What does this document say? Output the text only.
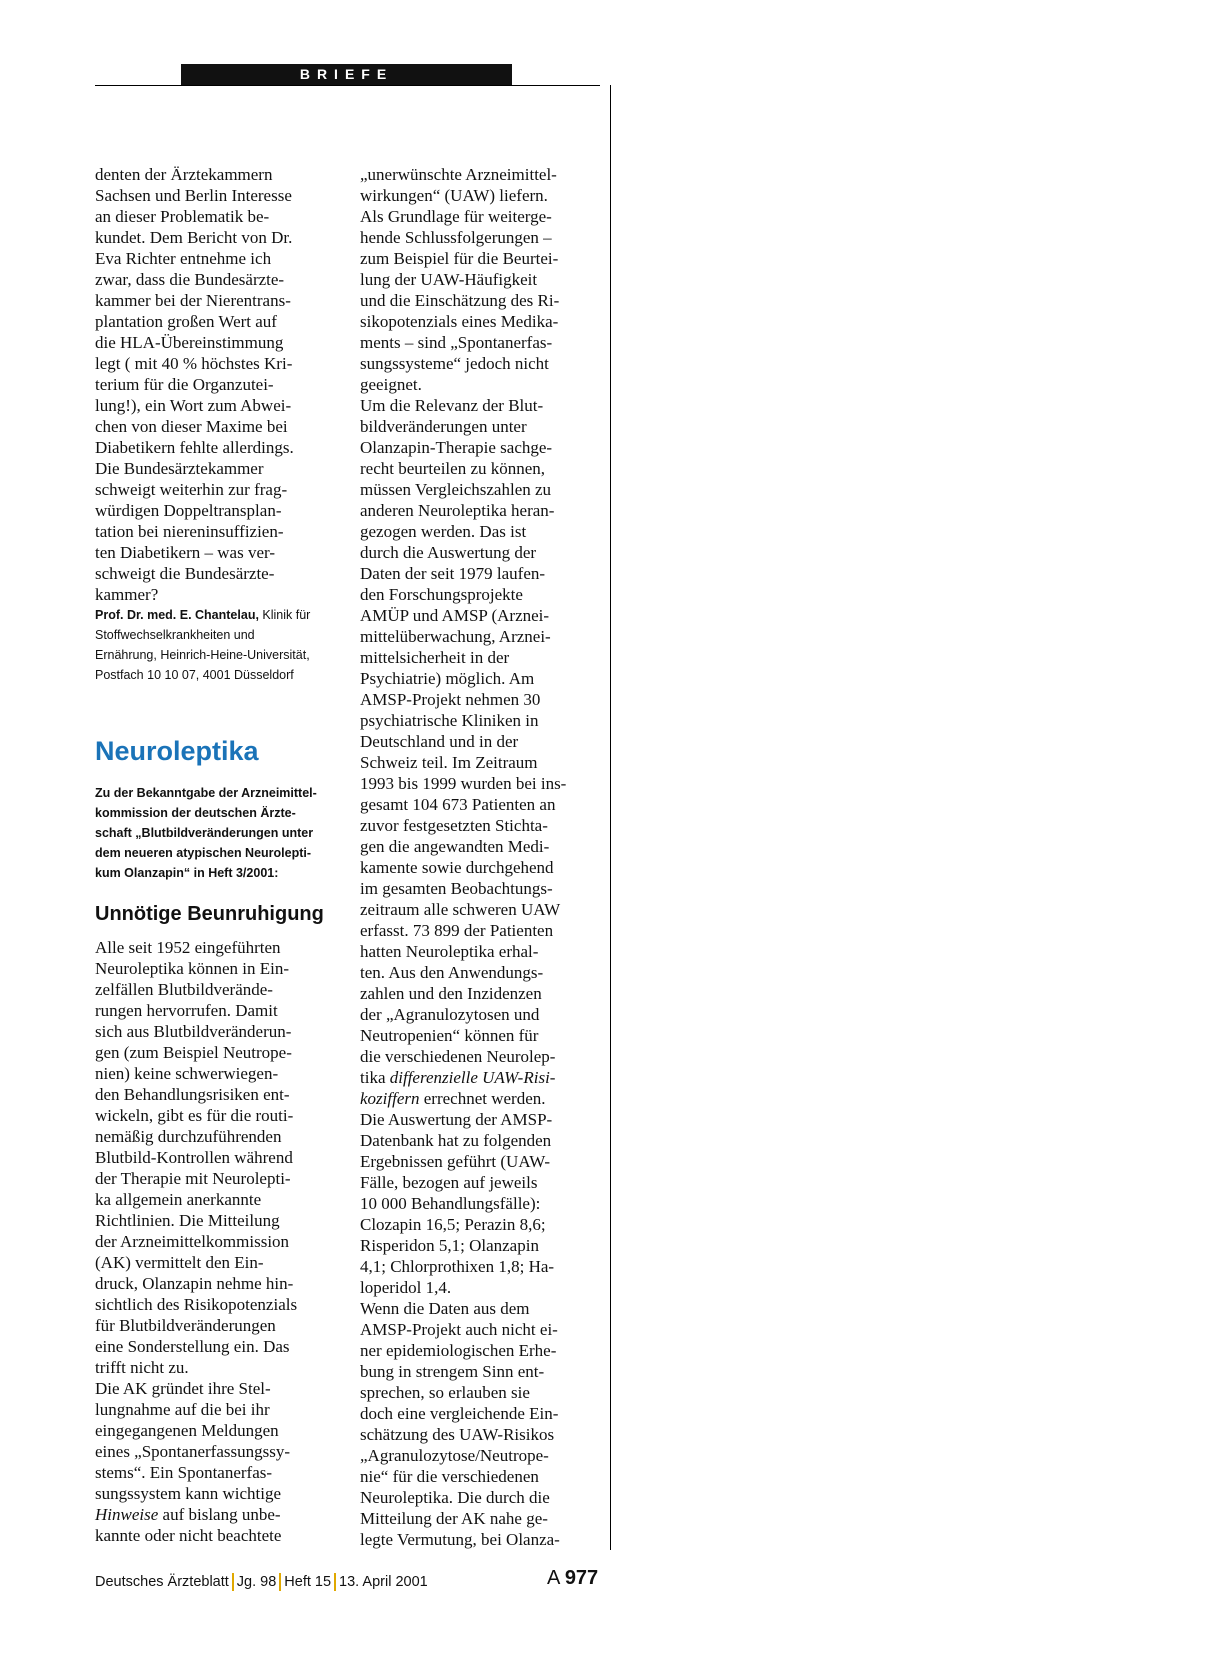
BRIEFE
denten der Ärztekammern
Sachsen und Berlin Interesse
an dieser Problematik be-
kundet. Dem Bericht von Dr.
Eva Richter entnehme ich
zwar, dass die Bundesärzte-
kammer bei der Nierentrans-
plantation großen Wert auf
die HLA-Übereinstimmung
legt ( mit 40 % höchstes Kri-
terium für die Organzutei-
lung!), ein Wort zum Abwei-
chen von dieser Maxime bei
Diabetikern fehlte allerdings.
Die Bundesärztekammer
schweigt weiterhin zur frag-
würdigen Doppeltransplan-
tation bei niereninsuffizien-
ten Diabetikern – was ver-
schweigt die Bundesärzte-
kammer?
Prof. Dr. med. E. Chantelau, Klinik für
Stoffwechselkrankheiten und
Ernährung, Heinrich-Heine-Universität,
Postfach 10 10 07, 4001 Düsseldorf
Neuroleptika
Zu der Bekanntgabe der Arzneimittel-
kommission der deutschen Ärzte-
schaft „Blutbildveränderungen unter
dem neueren atypischen Neurolepti-
kum Olanzapin“ in Heft 3/2001:
Unnötige Beunruhigung
Alle seit 1952 eingeführten
Neuroleptika können in Ein-
zelfällen Blutbildverände-
rungen hervorrufen. Damit
sich aus Blutbildveränderun-
gen (zum Beispiel Neutrope-
nien) keine schwerwiegen-
den Behandlungsrisiken ent-
wickeln, gibt es für die routi-
nemäßig durchzuführenden
Blutbild-Kontrollen während
der Therapie mit Neurolepti-
ka allgemein anerkannte
Richtlinien. Die Mitteilung
der Arzneimittelkommission
(AK) vermittelt den Ein-
druck, Olanzapin nehme hin-
sichtlich des Risikopotenzials
für Blutbildveränderungen
eine Sonderstellung ein. Das
trifft nicht zu.
Die AK gründet ihre Stel-
lungnahme auf die bei ihr
eingegangenen Meldungen
eines „Spontanerfassungssy-
stems“. Ein Spontanerfas-
sungssystem kann wichtige
Hinweise auf bislang unbe-
kannte oder nicht beachtete
„unerwünschte Arzneimittel-
wirkungen“ (UAW) liefern.
Als Grundlage für weiterge-
hende Schlussfolgerungen –
zum Beispiel für die Beurtei-
lung der UAW-Häufigkeit
und die Einschätzung des Ri-
sikopotenzials eines Medika-
ments – sind „Spontanerfas-
sungssysteme“ jedoch nicht
geeignet.
Um die Relevanz der Blut-
bildveränderungen unter
Olanzapin-Therapie sachge-
recht beurteilen zu können,
müssen Vergleichszahlen zu
anderen Neuroleptika heran-
gezogen werden. Das ist
durch die Auswertung der
Daten der seit 1979 laufen-
den Forschungsprojekte
AMÜP und AMSP (Arznei-
mittelüberwachung, Arznei-
mittelsicherheit in der
Psychiatrie) möglich. Am
AMSP-Projekt nehmen 30
psychiatrische Kliniken in
Deutschland und in der
Schweiz teil. Im Zeitraum
1993 bis 1999 wurden bei ins-
gesamt 104 673 Patienten an
zuvor festgesetzten Stichta-
gen die angewandten Medi-
kamente sowie durchgehend
im gesamten Beobachtungs-
zeitraum alle schweren UAW
erfasst. 73 899 der Patienten
hatten Neuroleptika erhal-
ten. Aus den Anwendungs-
zahlen und den Inzidenzen
der „Agranulozytosen und
Neutropenien“ können für
die verschiedenen Neurolep-
tika differenzielle UAW-Risi-
koziffern errechnet werden.
Die Auswertung der AMSP-
Datenbank hat zu folgenden
Ergebnissen geführt (UAW-
Fälle, bezogen auf jeweils
10 000 Behandlungsfälle):
Clozapin 16,5; Perazin 8,6;
Risperidon 5,1; Olanzapin
4,1; Chlorprothixen 1,8; Ha-
loperidol 1,4.
Wenn die Daten aus dem
AMSP-Projekt auch nicht ei-
ner epidemiologischen Erhe-
bung in strengem Sinn ent-
sprechen, so erlauben sie
doch eine vergleichende Ein-
schätzung des UAW-Risikos
„Agranulozytose/Neutrope-
nie“ für die verschiedenen
Neuroleptika. Die durch die
Mitteilung der AK nahe ge-
legte Vermutung, bei Olanza-
Deutsches Ärzteblatt Jg. 98 Heft 15 13. April 2001	A 977
